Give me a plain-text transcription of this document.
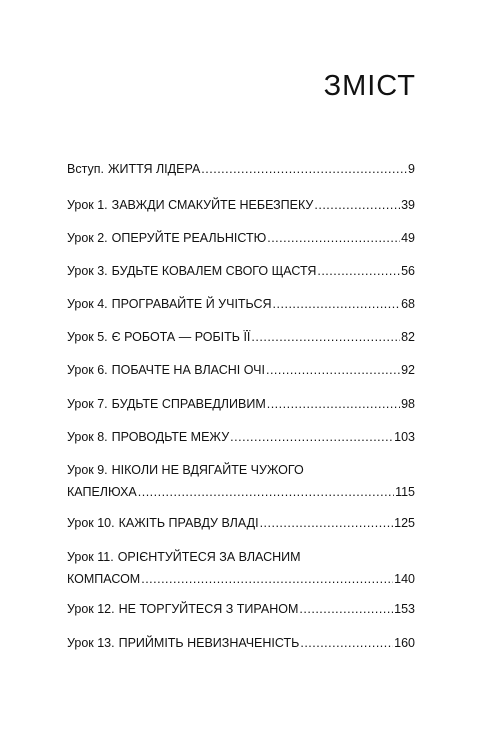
ЗМІСТ
Вступ. ЖИТТЯ ЛІДЕРА .....	9
Урок 1. ЗАВЖДИ СМАКУЙТЕ НЕБЕЗПЕКУ .....	39
Урок 2. ОПЕРУЙТЕ РЕАЛЬНІСТЮ .....	49
Урок 3. БУДЬТЕ КОВАЛЕМ СВОГО ЩАСТЯ .....	56
Урок 4. ПРОГРАВАЙТЕ Й УЧІТЬСЯ .....	68
Урок 5. Є РОБОТА — РОБІТЬ ЇЇ .....	82
Урок 6. ПОБАЧТЕ НА ВЛАСНІ ОЧІ .....	92
Урок 7. БУДЬТЕ СПРАВЕДЛИВИМ .....	98
Урок 8. ПРОВОДЬТЕ МЕЖУ .....	103
Урок 9. НІКОЛИ НЕ ВДЯГАЙТЕ ЧУЖОГО
КАПЕЛЮХА .....	115
Урок 10. КАЖІТЬ ПРАВДУ ВЛАДІ .....	125
Урок 11. ОРІЄНТУЙТЕСЯ ЗА ВЛАСНИМ
КОМПАСОМ .....	140
Урок 12. НЕ ТОРГУЙТЕСЯ З ТИРАНОМ .....	153
Урок 13. ПРИЙМІТЬ НЕВИЗНАЧЕНІСТЬ .....	160
